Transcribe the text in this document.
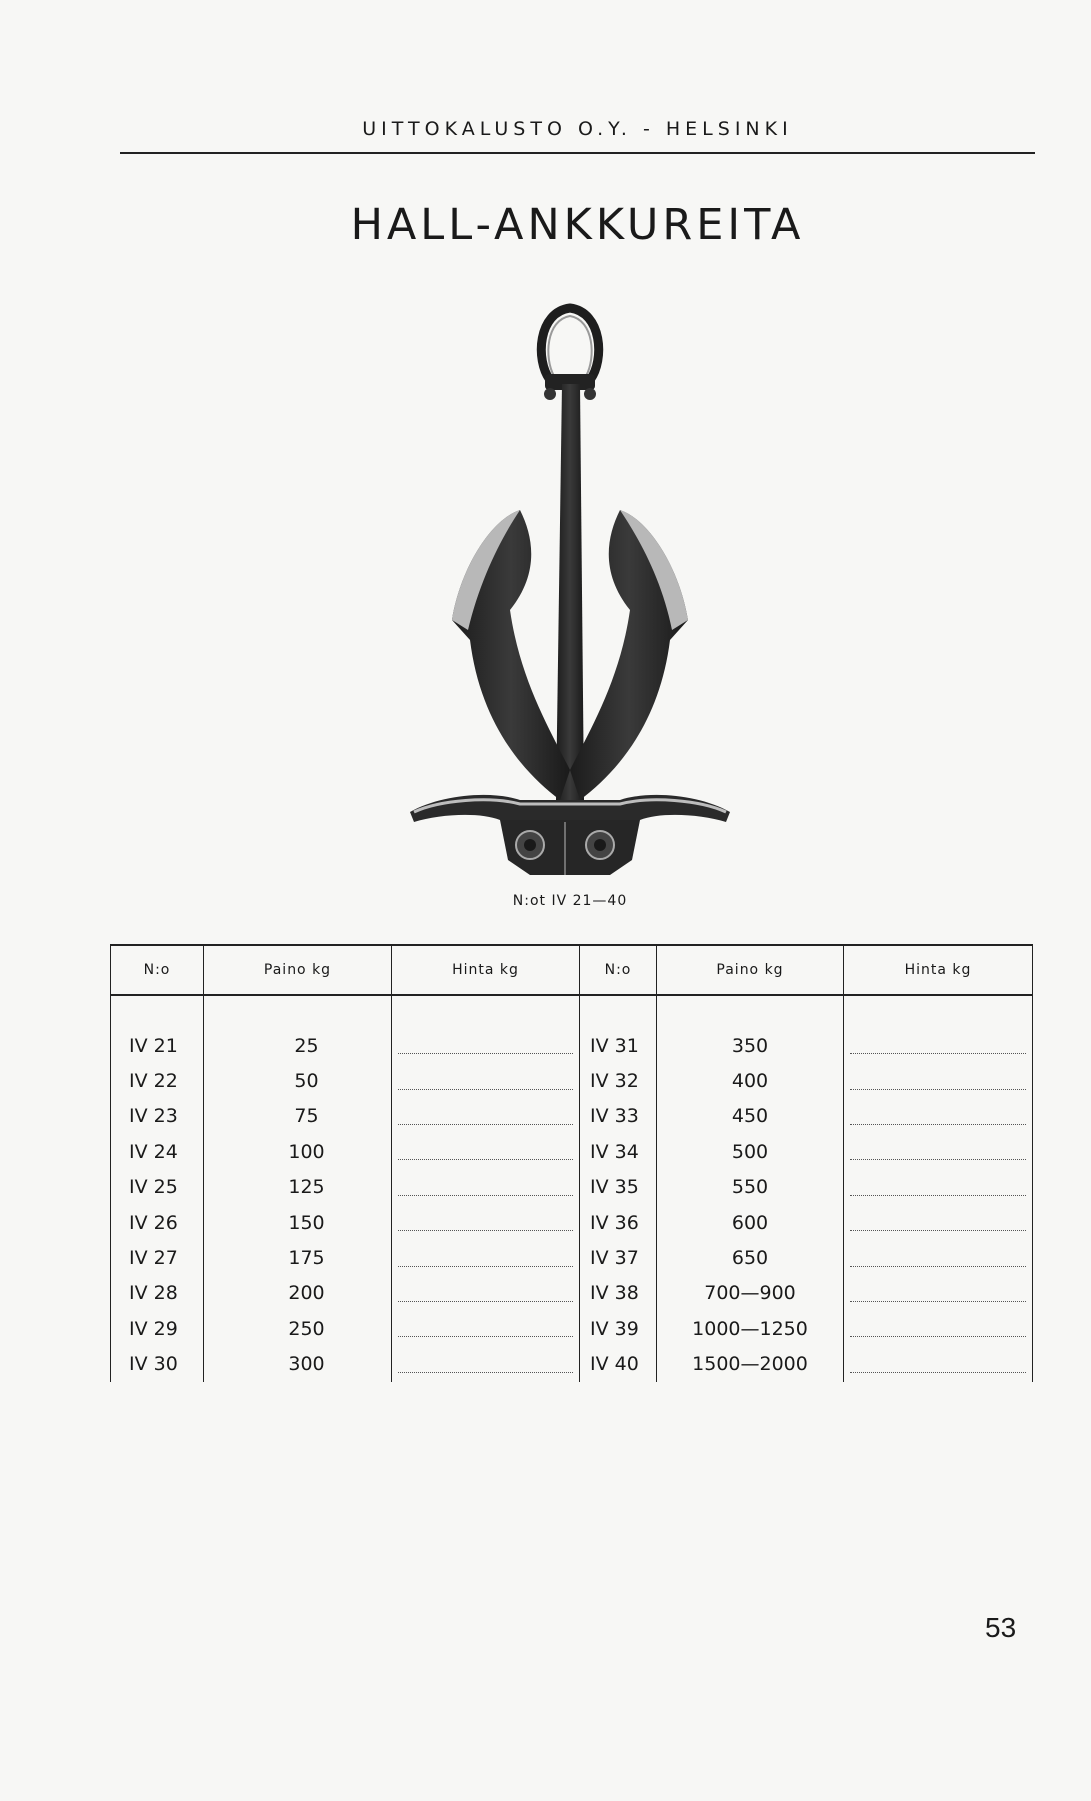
UITTOKALUSTO O.Y. - HELSINKI
HALL-ANKKUREITA
N:ot IV 21—40
N:o	Paino kg	Hinta kg	N:o	Paino kg	Hinta kg

IV 21	25		IV 31	350	

IV 22	50		IV 32	400	

IV 23	75		IV 33	450	

IV 24	100		IV 34	500	

IV 25	125		IV 35	550	

IV 26	150		IV 36	600	

IV 27	175		IV 37	650	

IV 28	200		IV 38	700—900	

IV 29	250		IV 39	1000—1250	

IV 30	300		IV 40	1500—2000	
53
